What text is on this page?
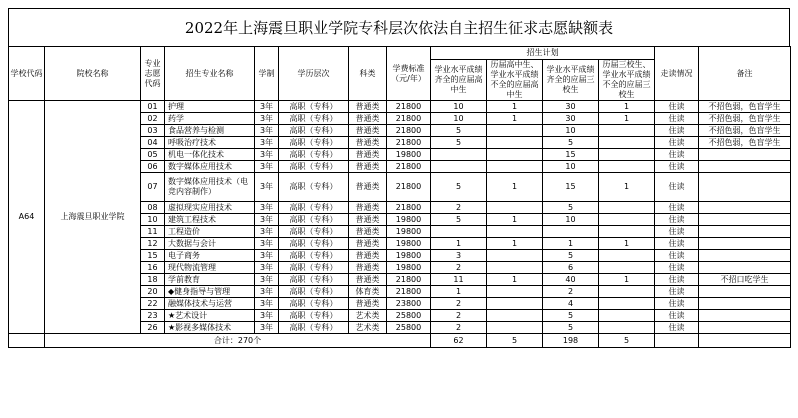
2022年上海震旦职业学院专科层次依法自主招生征求志愿缺额表
学校代码	院校名称	专业志愿代码	招生专业名称	学制	学历层次	科类	学费标准（元/年）	招生计划				走读情况	备注
								学业水平成绩齐全的应届高中生	历届高中生、学业水平成绩不全的应届高中生	学业水平成绩齐全的应届三校生	历届三校生、学业水平成绩不全的应届三校生		
A64	上海震旦职业学院	01	护理	3年	高职（专科）	普通类	21800	10	1	30	1	住读	不招色弱，色盲学生
		02	药学	3年	高职（专科）	普通类	21800	10	1	30	1	住读	不招色弱，色盲学生
		03	食品营养与检测	3年	高职（专科）	普通类	21800	5		10		住读	不招色弱，色盲学生
		04	呼吸治疗技术	3年	高职（专科）	普通类	21800	5		5		住读	不招色弱，色盲学生
		05	机电一体化技术	3年	高职（专科）	普通类	19800			15		住读	
		06	数字媒体应用技术	3年	高职（专科）	普通类	21800			10		住读	
		07	数字媒体应用技术（电竞内容制作）	3年	高职（专科）	普通类	21800	5	1	15	1	住读	
		08	虚拟现实应用技术	3年	高职（专科）	普通类	21800	2		5		住读	
		10	建筑工程技术	3年	高职（专科）	普通类	19800	5	1	10		住读	
		11	工程造价	3年	高职（专科）	普通类	19800					住读	
		12	大数据与会计	3年	高职（专科）	普通类	19800	1	1	1	1	住读	
		15	电子商务	3年	高职（专科）	普通类	19800	3		5		住读	
		16	现代物流管理	3年	高职（专科）	普通类	19800	2		6		住读	
		18	学前教育	3年	高职（专科）	普通类	21800	11	1	40	1	住读	不招口吃学生
		20	◆健身指导与管理	3年	高职（专科）	体育类	21800	1		2		住读	
		22	融媒体技术与运营	3年	高职（专科）	普通类	23800	2		4		住读	
		23	★艺术设计	3年	高职（专科）	艺术类	25800	2		5		住读	
		26	★影视多媒体技术	3年	高职（专科）	艺术类	25800	2		5		住读	
	合计：270个							62	5	198	5		
